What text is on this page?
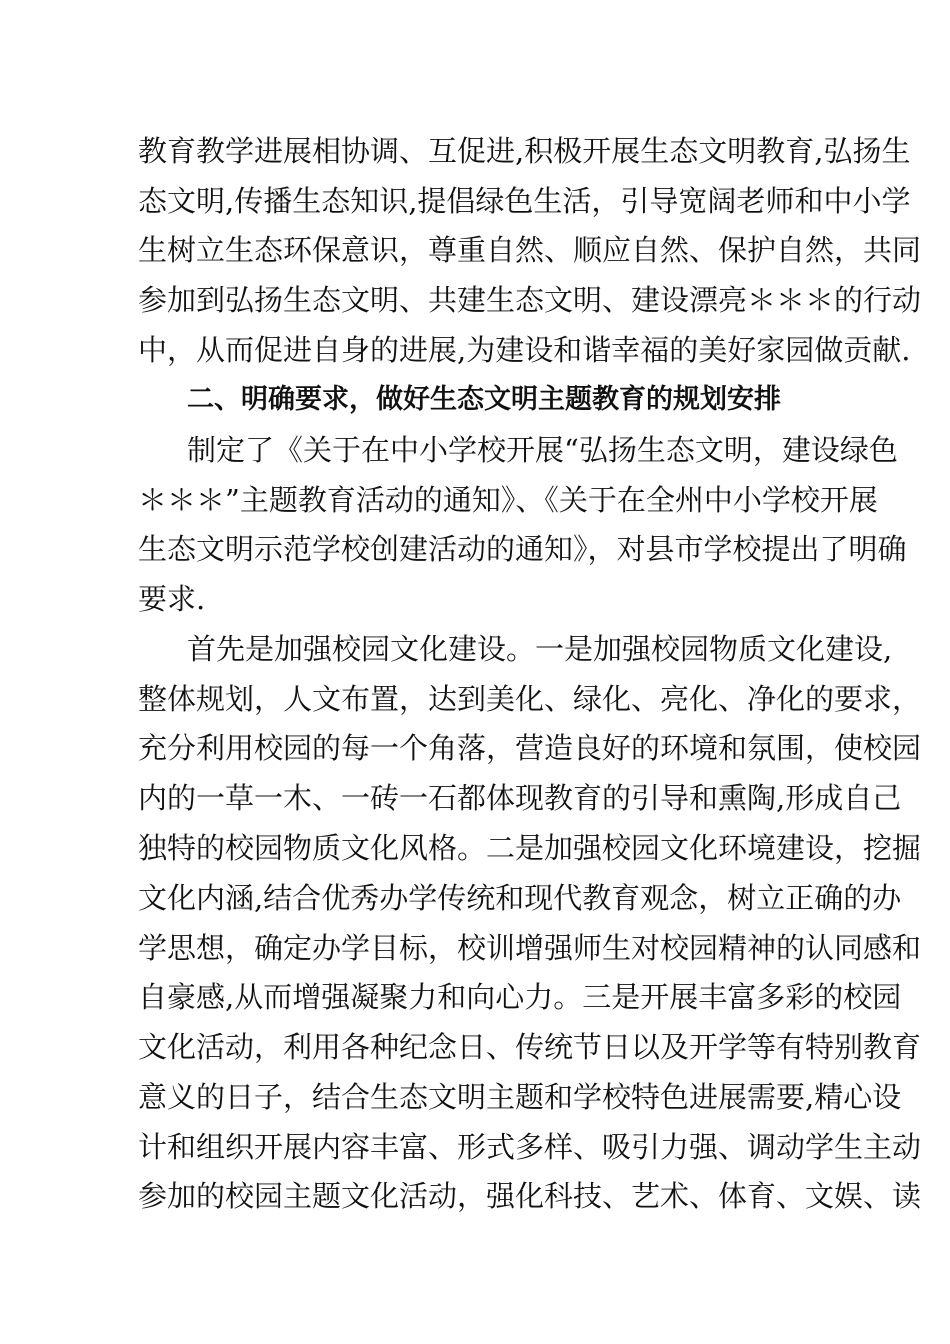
教育教学进展相协调、互促进,积极开展生态文明教育,弘扬生
态文明,传播生态知识,提倡绿色生活，引导宽阔老师和中小学
生树立生态环保意识，尊重自然、顺应自然、保护自然，共同
参加到弘扬生态文明、共建生态文明、建设漂亮＊＊＊的行动
中，从而促进自身的进展,为建设和谐幸福的美好家园做贡献.
二、明确要求，做好生态文明主题教育的规划安排
制定了《关于在中小学校开展“弘扬生态文明，建设绿色
＊＊＊”主题教育活动的通知》、《关于在全州中小学校开展
生态文明示范学校创建活动的通知》，对县市学校提出了明确
要求.
首先是加强校园文化建设。一是加强校园物质文化建设,
整体规划，人文布置，达到美化、绿化、亮化、净化的要求，
充分利用校园的每一个角落，营造良好的环境和氛围，使校园
内的一草一木、一砖一石都体现教育的引导和熏陶,形成自己
独特的校园物质文化风格。二是加强校园文化环境建设，挖掘
文化内涵,结合优秀办学传统和现代教育观念，树立正确的办
学思想，确定办学目标，校训增强师生对校园精神的认同感和
自豪感,从而增强凝聚力和向心力。三是开展丰富多彩的校园
文化活动，利用各种纪念日、传统节日以及开学等有特别教育
意义的日子，结合生态文明主题和学校特色进展需要,精心设
计和组织开展内容丰富、形式多样、吸引力强、调动学生主动
参加的校园主题文化活动，强化科技、艺术、体育、文娱、读
